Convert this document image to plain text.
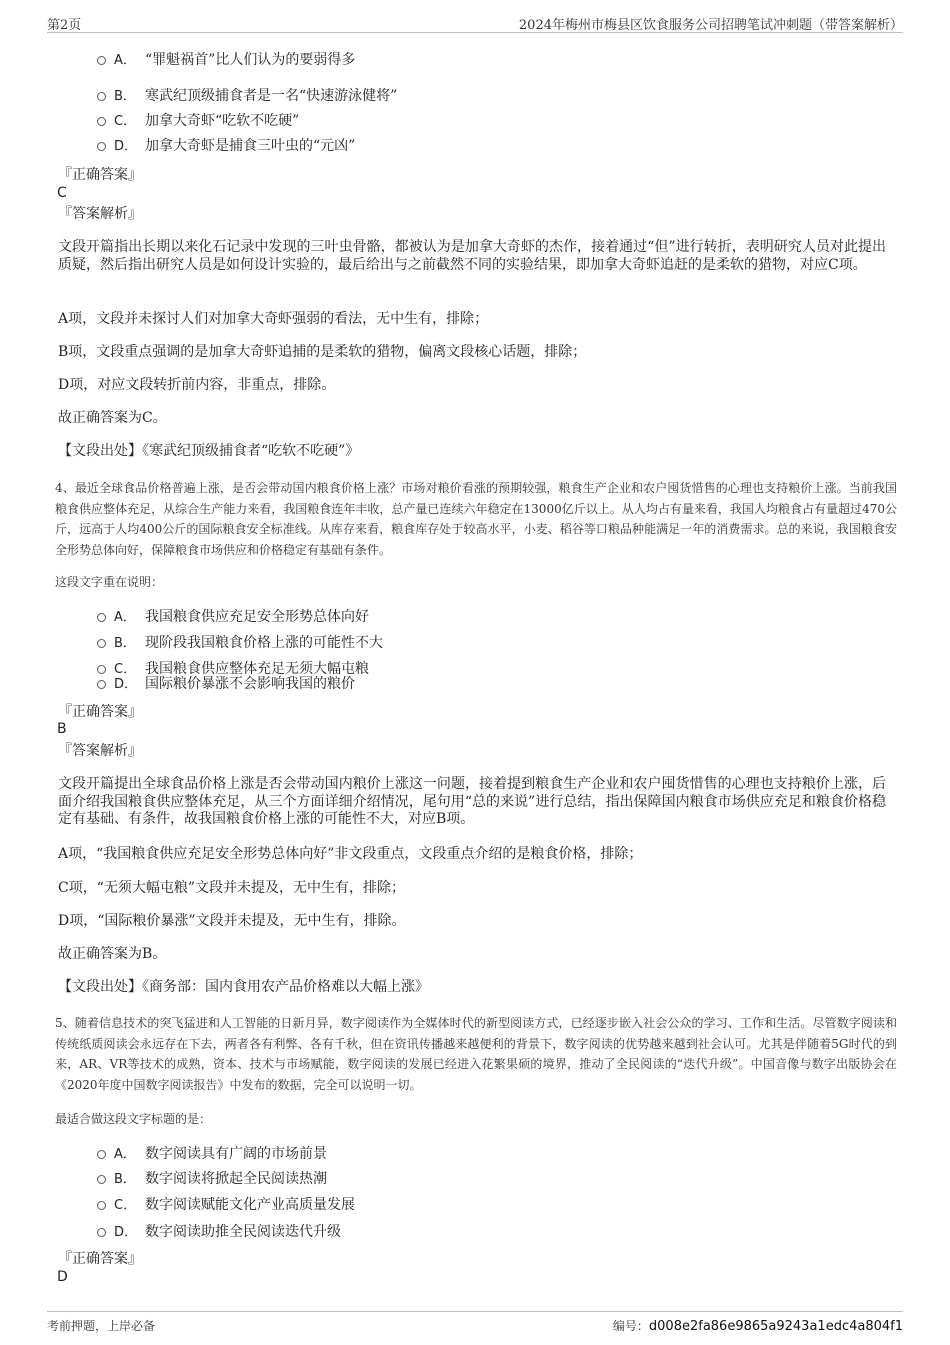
第2页	2024年梅州市梅县区饮食服务公司招聘笔试冲刺题（带答案解析）
A． “罪魁祸首”比人们认为的要弱得多
B． 寒武纪顶级捕食者是一名“快速游泳健将”
C． 加拿大奇虾“吃软不吃硬”
D． 加拿大奇虾是捕食三叶虫的“元凶”
『正确答案』
C
『答案解析』

文段开篇指出长期以来化石记录中发现的三叶虫骨骼，都被认为是加拿大奇虾的杰作，接着通过“但”进行转折，表明研究人员对此提出质疑，然后指出研究人员是如何设计实验的，最后给出与之前截然不同的实验结果，即加拿大奇虾追赶的是柔软的猎物，对应C项。

A项，文段并未探讨人们对加拿大奇虾强弱的看法，无中生有，排除；

B项，文段重点强调的是加拿大奇虾追捕的是柔软的猎物，偏离文段核心话题，排除；

D项，对应文段转折前内容，非重点，排除。

故正确答案为C。

【文段出处】《寒武纪顶级捕食者“吃软不吃硬”》

4、最近全球食品价格普遍上涨，是否会带动国内粮食价格上涨？市场对粮价看涨的预期较强，粮食生产企业和农户囤货惜售的心理也支持粮价上涨。当前我国粮食供应整体充足，从综合生产能力来看，我国粮食连年丰收，总产量已连续六年稳定在13000亿斤以上。从人均占有量来看，我国人均粮食占有量超过470公斤，远高于人均400公斤的国际粮食安全标准线。从库存来看，粮食库存处于较高水平，小麦、稻谷等口粮品种能满足一年的消费需求。总的来说，我国粮食安全形势总体向好，保障粮食市场供应和价格稳定有基础有条件。

这段文字重在说明：
A． 我国粮食供应充足安全形势总体向好
B． 现阶段我国粮食价格上涨的可能性不大
C． 我国粮食供应整体充足无须大幅屯粮
D． 国际粮价暴涨不会影响我国的粮价
『正确答案』
B
『答案解析』

文段开篇提出全球食品价格上涨是否会带动国内粮价上涨这一问题，接着提到粮食生产企业和农户囤货惜售的心理也支持粮价上涨，后面介绍我国粮食供应整体充足，从三个方面详细介绍情况，尾句用“总的来说”进行总结，指出保障国内粮食市场供应充足和粮食价格稳定有基础、有条件，故我国粮食价格上涨的可能性不大，对应B项。

A项，“我国粮食供应充足安全形势总体向好”非文段重点，文段重点介绍的是粮食价格，排除；

C项，“无须大幅屯粮”文段并未提及，无中生有，排除；

D项，“国际粮价暴涨”文段并未提及，无中生有，排除。

故正确答案为B。

【文段出处】《商务部：国内食用农产品价格难以大幅上涨》

5、随着信息技术的突飞猛进和人工智能的日新月异，数字阅读作为全媒体时代的新型阅读方式，已经逐步嵌入社会公众的学习、工作和生活。尽管数字阅读和传统纸质阅读会永远存在下去，两者各有利弊、各有千秋，但在资讯传播越来越便利的背景下，数字阅读的优势越来越到社会认可。尤其是伴随着5G时代的到来，AR、VR等技术的成熟，资本、技术与市场赋能，数字阅读的发展已经进入花繁果硕的境界，推动了全民阅读的“迭代升级”。中国音像与数字出版协会在《2020年度中国数字阅读报告》中发布的数据，完全可以说明一切。

最适合做这段文字标题的是：
A． 数字阅读具有广阔的市场前景
B． 数字阅读将掀起全民阅读热潮
C． 数字阅读赋能文化产业高质量发展
D． 数字阅读助推全民阅读迭代升级
『正确答案』
D
考前押题，上岸必备	编号：d008e2fa86e9865a9243a1edc4a804f1
